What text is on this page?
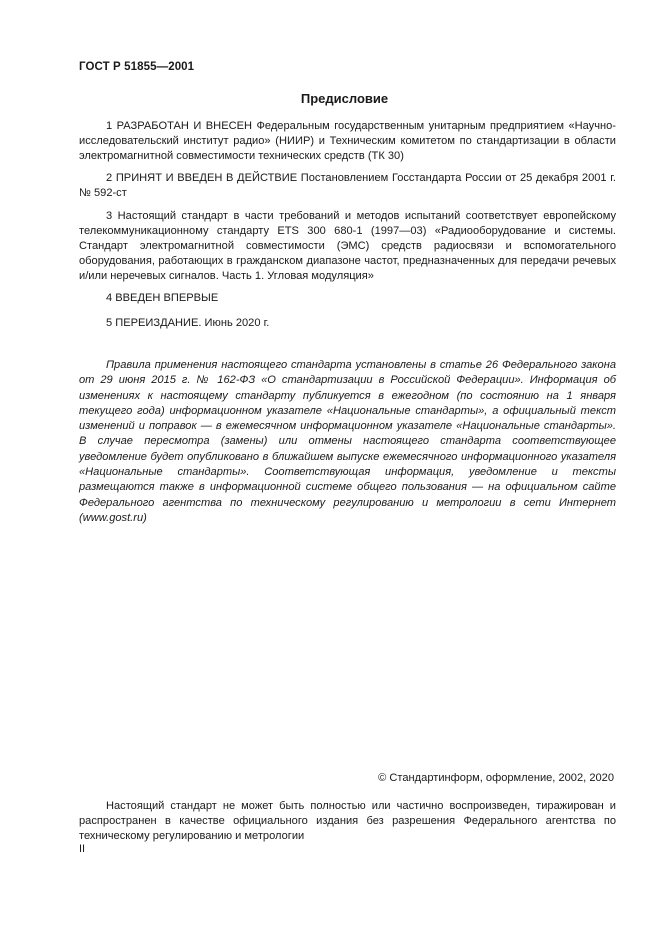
ГОСТ Р 51855—2001
Предисловие

1 РАЗРАБОТАН И ВНЕСЕН Федеральным государственным унитарным предприятием «Научно-исследовательский институт радио» (НИИР) и Техническим комитетом по стандартизации в области электромагнитной совместимости технических средств (ТК 30)

2 ПРИНЯТ И ВВЕДЕН В ДЕЙСТВИЕ Постановлением Госстандарта России от 25 декабря 2001 г. № 592-ст

3 Настоящий стандарт в части требований и методов испытаний соответствует европейскому телекоммуникационному стандарту ETS 300 680-1 (1997—03) «Радиооборудование и системы. Стандарт электромагнитной совместимости (ЭМС) средств радиосвязи и вспомогательного оборудования, работающих в гражданском диапазоне частот, предназначенных для передачи речевых и/или неречевых сигналов. Часть 1. Угловая модуляция»

4 ВВЕДЕН ВПЕРВЫЕ

5 ПЕРЕИЗДАНИЕ. Июнь 2020 г.

Правила применения настоящего стандарта установлены в статье 26 Федерального закона от 29 июня 2015 г. № 162-ФЗ «О стандартизации в Российской Федерации». Информация об изменениях к настоящему стандарту публикуется в ежегодном (по состоянию на 1 января текущего года) информационном указателе «Национальные стандарты», а официальный текст изменений и поправок — в ежемесячном информационном указателе «Национальные стандарты». В случае пересмотра (замены) или отмены настоящего стандарта соответствующее уведомление будет опубликовано в ближайшем выпуске ежемесячного информационного указателя «Национальные стандарты». Соответствующая информация, уведомление и тексты размещаются также в информационной системе общего пользования — на официальном сайте Федерального агентства по техническому регулированию и метрологии в сети Интернет (www.gost.ru)

© Стандартинформ, оформление, 2002, 2020

Настоящий стандарт не может быть полностью или частично воспроизведен, тиражирован и распространен в качестве официального издания без разрешения Федерального агентства по техническому регулированию и метрологии

II
